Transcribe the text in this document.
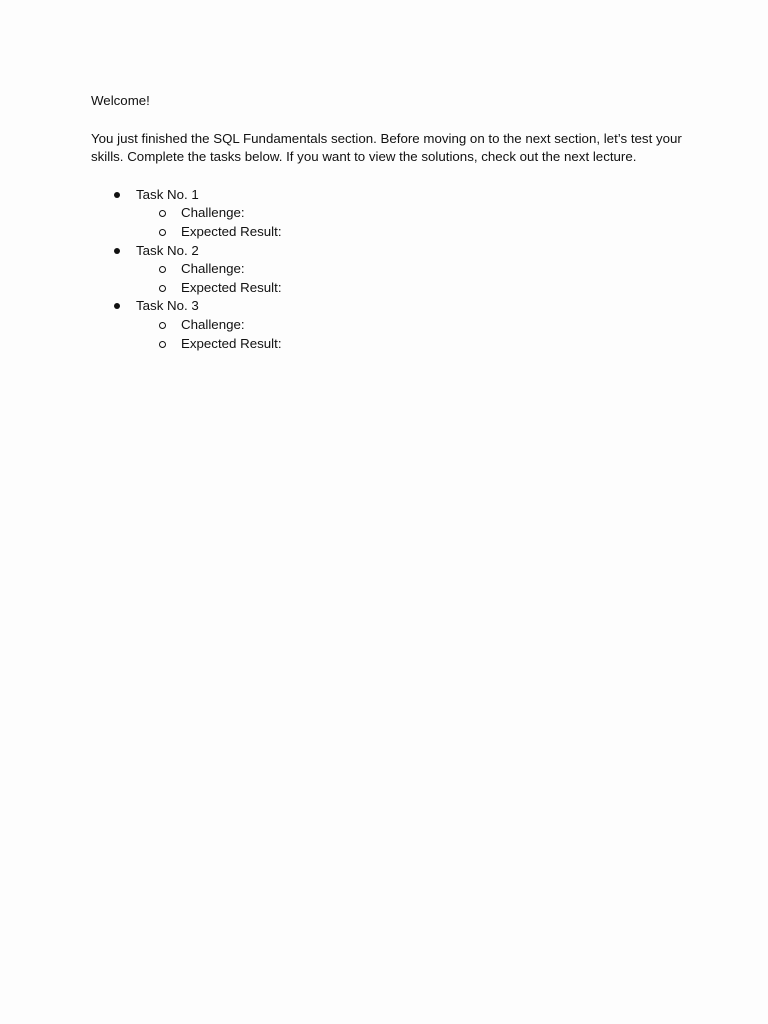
Welcome!

You just finished the SQL Fundamentals section. Before moving on to the next section, let’s test your skills. Complete the tasks below. If you want to view the solutions, check out the next lecture.

Task No. 1
Challenge:
Expected Result:
Task No. 2
Challenge:
Expected Result:
Task No. 3
Challenge:
Expected Result:
